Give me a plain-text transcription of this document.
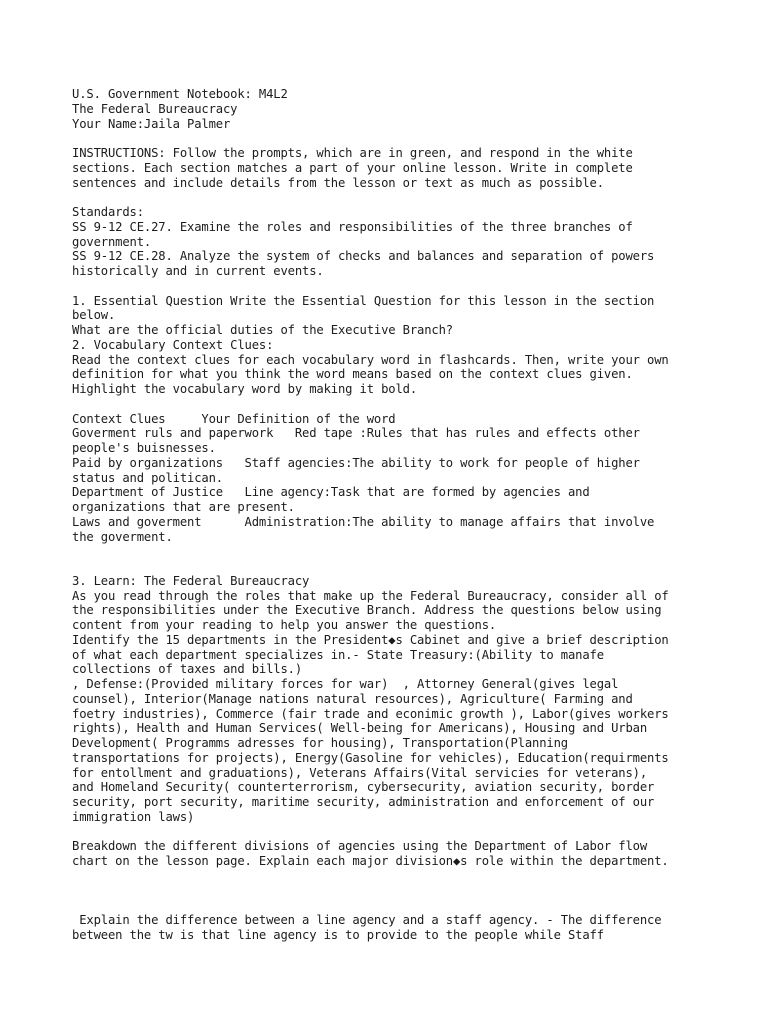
U.S. Government Notebook: M4L2
The Federal Bureaucracy
Your Name:Jaila Palmer
INSTRUCTIONS: Follow the prompts, which are in green, and respond in the white
sections. Each section matches a part of your online lesson. Write in complete
sentences and include details from the lesson or text as much as possible.
Standards:
SS 9-12 CE.27. Examine the roles and responsibilities of the three branches of
government.
SS 9-12 CE.28. Analyze the system of checks and balances and separation of powers
historically and in current events.
1. Essential Question Write the Essential Question for this lesson in the section
below.
What are the official duties of the Executive Branch?
2. Vocabulary Context Clues:
Read the context clues for each vocabulary word in flashcards. Then, write your own
definition for what you think the word means based on the context clues given.
Highlight the vocabulary word by making it bold.
Context Clues     Your Definition of the word
Goverment ruls and paperwork   Red tape :Rules that has rules and effects other
people's buisnesses.
Paid by organizations   Staff agencies:The ability to work for people of higher
status and politican.
Department of Justice   Line agency:Task that are formed by agencies and
organizations that are present.
Laws and goverment      Administration:The ability to manage affairs that involve
the goverment.
3. Learn: The Federal Bureaucracy
As you read through the roles that make up the Federal Bureaucracy, consider all of
the responsibilities under the Executive Branch. Address the questions below using
content from your reading to help you answer the questions.
Identify the 15 departments in the President◆s Cabinet and give a brief description
of what each department specializes in.- State Treasury:(Ability to manafe
collections of taxes and bills.)
, Defense:(Provided military forces for war)  , Attorney General(gives legal
counsel), Interior(Manage nations natural resources), Agriculture( Farming and
foetry industries), Commerce (fair trade and econimic growth ), Labor(gives workers
rights), Health and Human Services( Well-being for Americans), Housing and Urban
Development( Programms adresses for housing), Transportation(Planning
transportations for projects), Energy(Gasoline for vehicles), Education(requirments
for entollment and graduations), Veterans Affairs(Vital servicies for veterans),
and Homeland Security( counterterrorism, cybersecurity, aviation security, border
security, port security, maritime security, administration and enforcement of our
immigration laws)
Breakdown the different divisions of agencies using the Department of Labor flow
chart on the lesson page. Explain each major division◆s role within the department.
Explain the difference between a line agency and a staff agency. - The difference
between the tw is that line agency is to provide to the people while Staff
